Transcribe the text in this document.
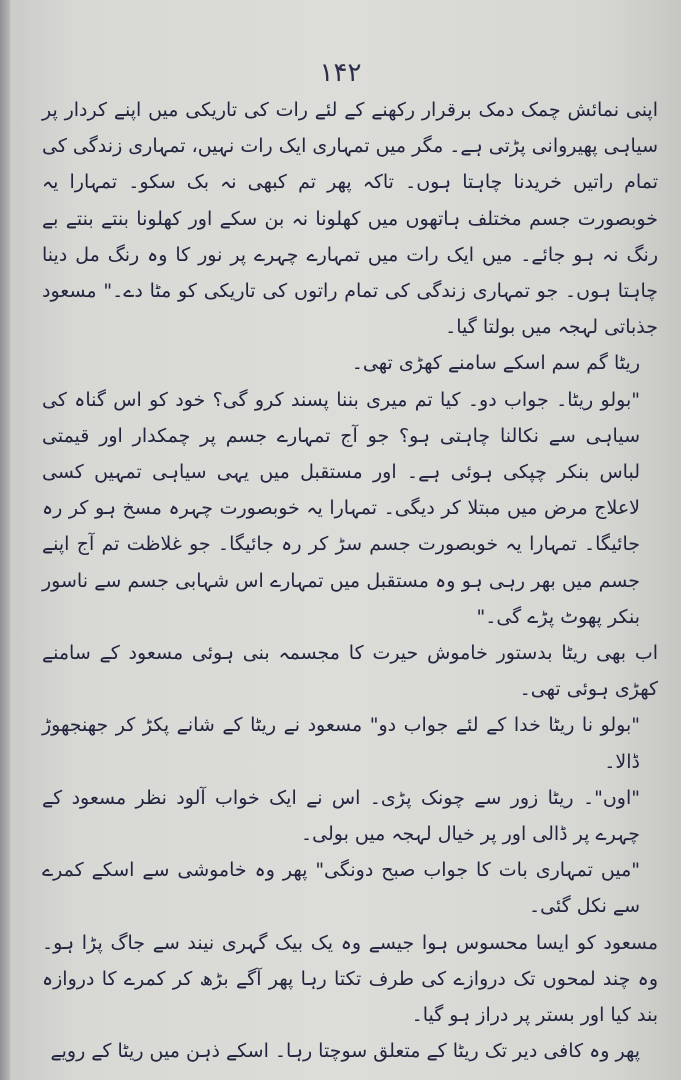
۱۴۲

اپنی نمائش چمک دمک برقرار رکھنے کے لئے رات کی تاریکی میں اپنے کردار پر سیاہی پھیروانی پڑتی ہے۔ مگر میں تمہاری ایک رات نہیں، تمہاری زندگی کی تمام راتیں خریدنا چاہتا ہوں۔ تاکہ پھر تم کبھی نہ بک سکو۔ تمہارا یہ خوبصورت جسم مختلف ہاتھوں میں کھلونا نہ بن سکے اور کھلونا بنتے بنتے بے رنگ نہ ہو جائے۔ میں ایک رات میں تمہارے چہرے پر نور کا وہ رنگ مل دینا چاہتا ہوں۔ جو تمہاری زندگی کی تمام راتوں کی تاریکی کو مٹا دے۔" مسعود جذباتی لہجہ میں بولتا گیا۔

ریٹا گم سم اسکے سامنے کھڑی تھی۔

"بولو ریٹا۔ جواب دو۔ کیا تم میری بننا پسند کرو گی؟ خود کو اس گناہ کی سیاہی سے نکالنا چاہتی ہو؟ جو آج تمہارے جسم پر چمکدار اور قیمتی لباس بنکر چپکی ہوئی ہے۔ اور مستقبل میں یہی سیاہی تمہیں کسی لاعلاج مرض میں مبتلا کر دیگی۔ تمہارا یہ خوبصورت چہرہ مسخ ہو کر رہ جائیگا۔ تمہارا یہ خوبصورت جسم سڑ کر رہ جائیگا۔ جو غلاظت تم آج اپنے جسم میں بھر رہی ہو وہ مستقبل میں تمہارے اس شہابی جسم سے ناسور بنکر پھوٹ پڑے گی۔"

اب بھی ریٹا بدستور خاموش حیرت کا مجسمہ بنی ہوئی مسعود کے سامنے کھڑی ہوئی تھی۔

"بولو نا ریٹا خدا کے لئے جواب دو" مسعود نے ریٹا کے شانے پکڑ کر جھنجھوڑ ڈالا۔

"اوں"۔ ریٹا زور سے چونک پڑی۔ اس نے ایک خواب آلود نظر مسعود کے چہرے پر ڈالی اور پر خیال لہجہ میں بولی۔

"میں تمہاری بات کا جواب صبح دونگی" پھر وہ خاموشی سے اسکے کمرے سے نکل گئی۔

مسعود کو ایسا محسوس ہوا جیسے وہ یک بیک گہری نیند سے جاگ پڑا ہو۔ وہ چند لمحوں تک دروازے کی طرف تکتا رہا پھر آگے بڑھ کر کمرے کا دروازہ بند کیا اور بستر پر دراز ہو گیا۔

پھر وہ کافی دیر تک ریٹا کے متعلق سوچتا رہا۔ اسکے ذہن میں ریٹا کے رویے
